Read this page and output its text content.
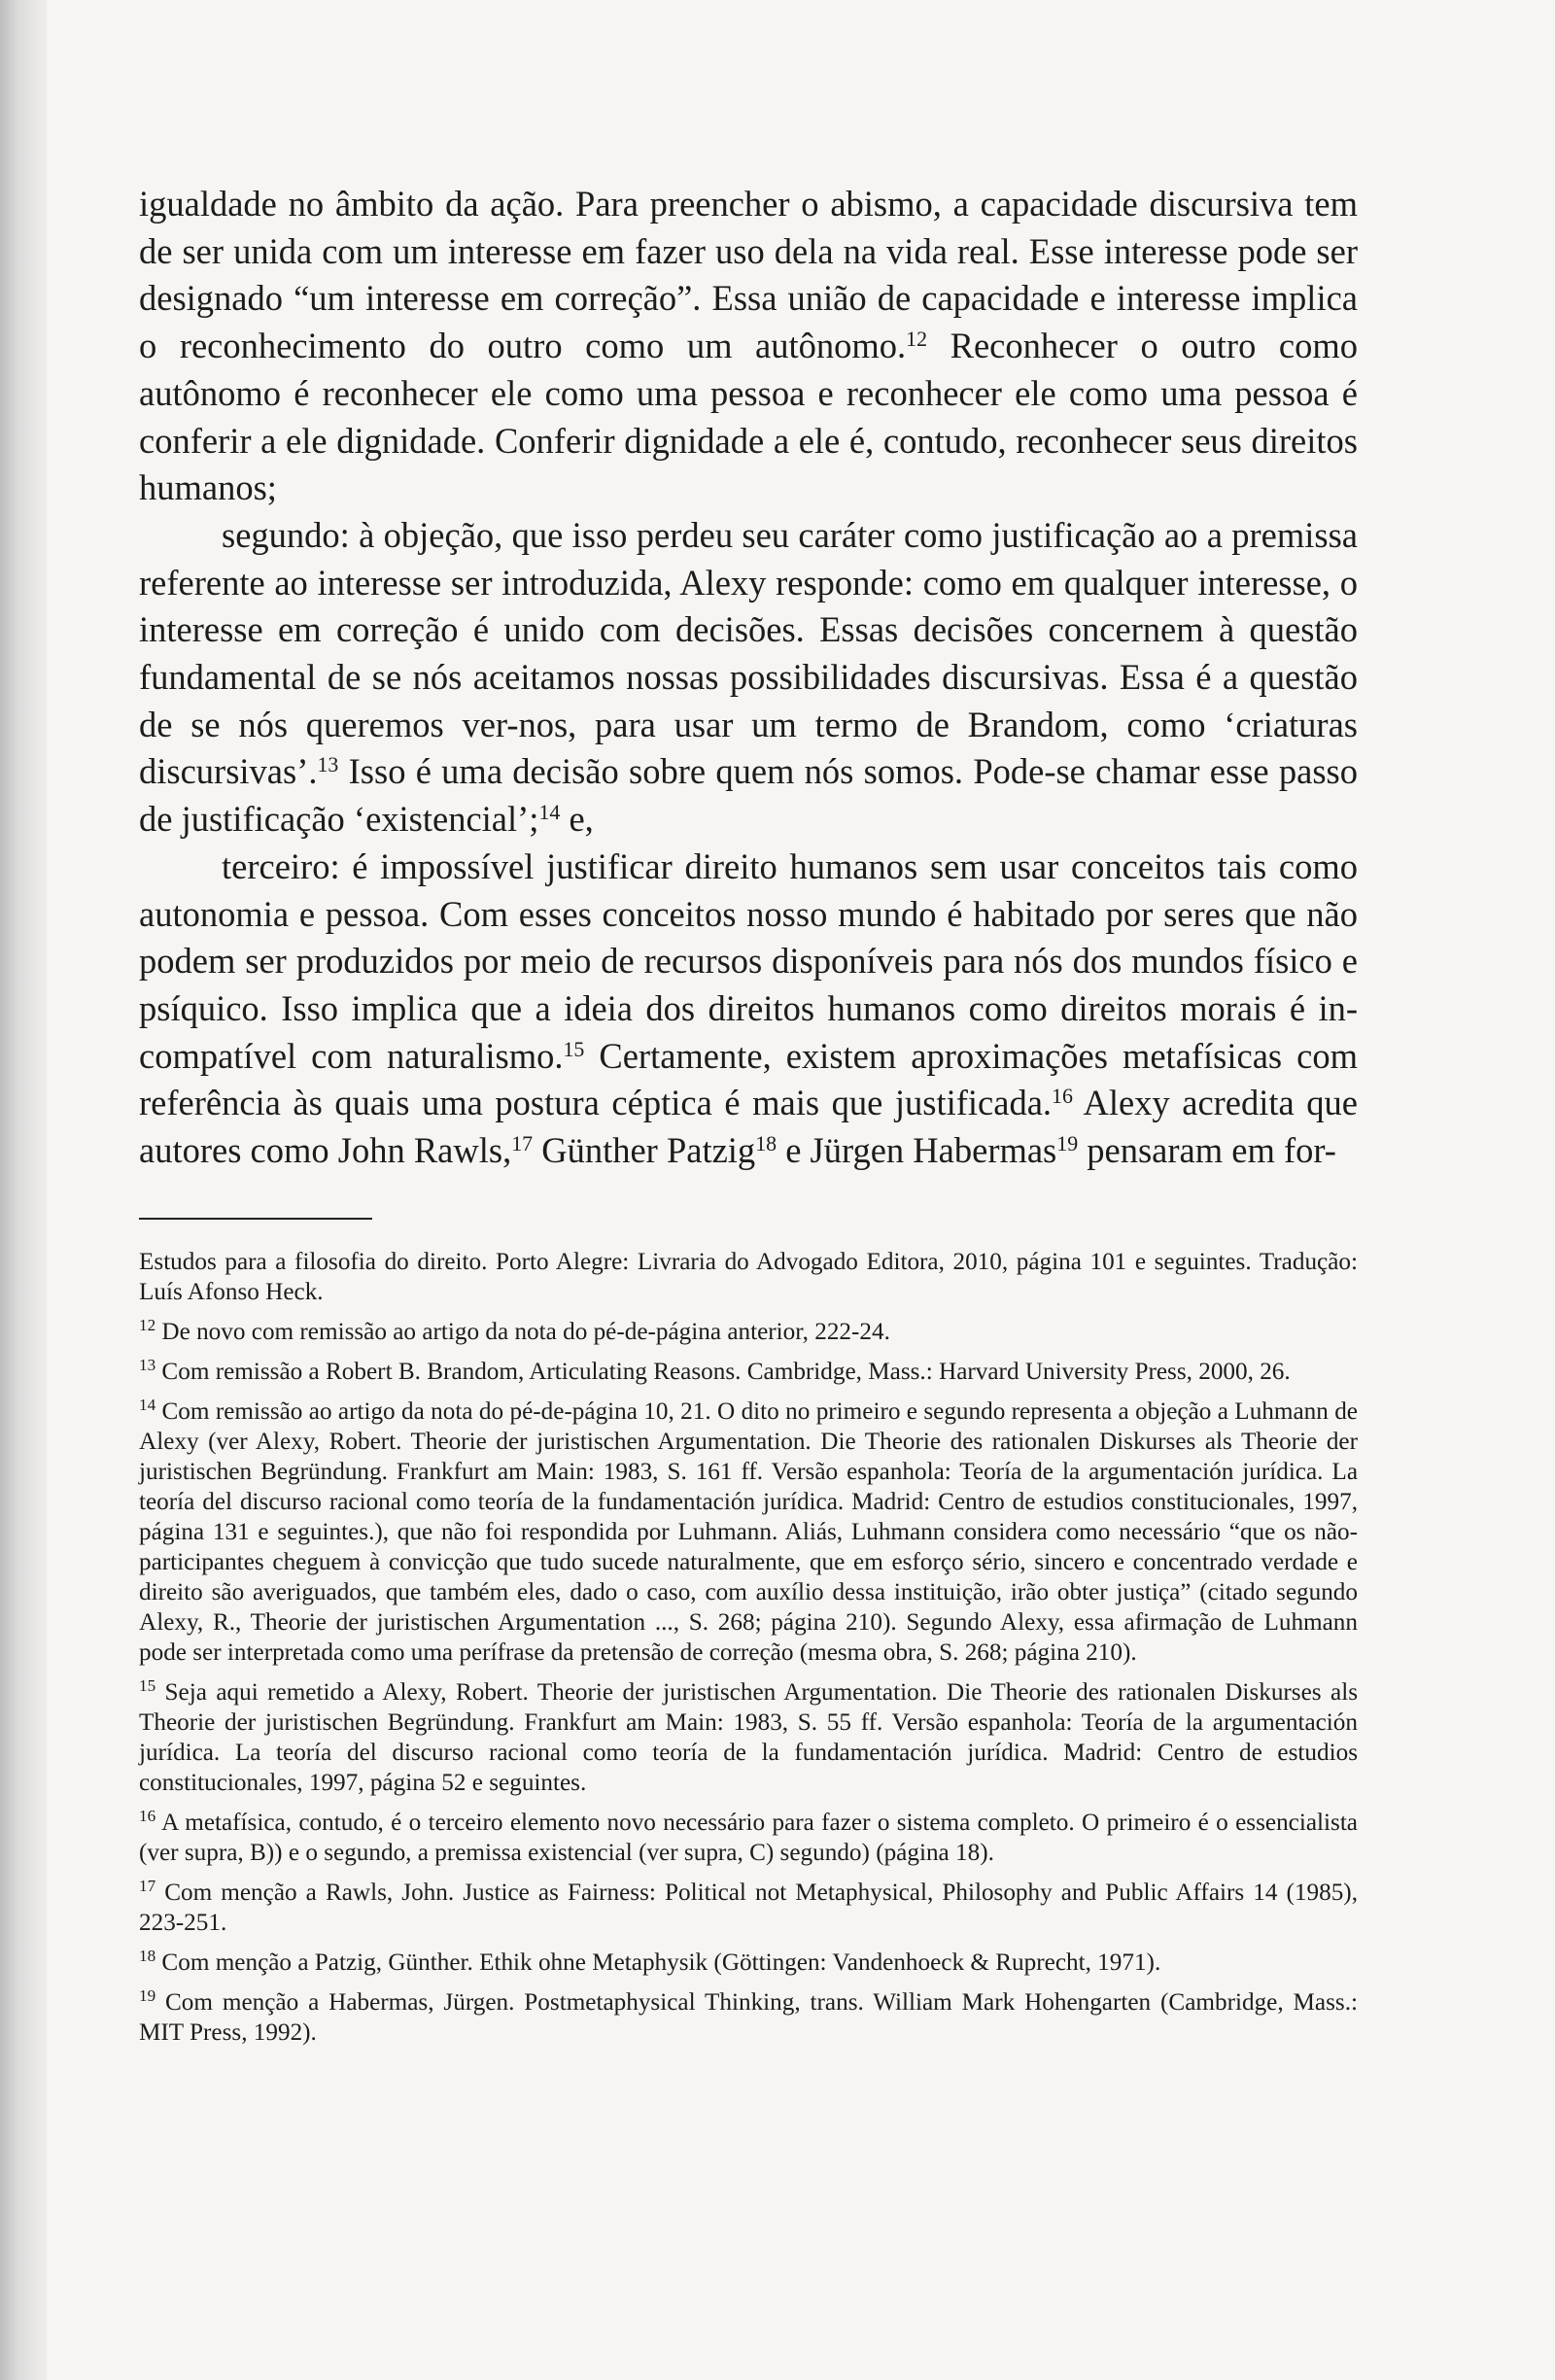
igualdade no âmbito da ação. Para preencher o abismo, a capacidade discursiva tem de ser unida com um interesse em fazer uso dela na vida real. Esse interesse pode ser designado “um interesse em correção”. Essa união de capacidade e interesse implica o reconhecimento do outro como um autônomo.$^{12}$ Reconhecer o outro como autônomo é reconhecer ele como uma pessoa e reconhecer ele como uma pessoa é conferir a ele dignidade. Conferir dignidade a ele é, contudo, reconhecer seus direitos humanos;

segundo: à objeção, que isso perdeu seu caráter como justificação ao a premissa referente ao interesse ser introduzida, Alexy responde: como em qualquer interesse, o interesse em correção é unido com decisões. Essas decisões concernem à questão fundamental de se nós aceitamos nossas possibilidades discursivas. Essa é a questão de se nós queremos ver-nos, para usar um termo de Brandom, como ‘criaturas discursivas’.$^{13}$ Isso é uma decisão sobre quem nós somos. Pode-se chamar esse passo de justificação ‘existencial’;$^{14}$ e,

terceiro: é impossível justificar direito humanos sem usar conceitos tais como autonomia e pessoa. Com esses conceitos nosso mundo é habitado por seres que não podem ser produzidos por meio de recursos disponíveis para nós dos mundos físico e psíquico. Isso implica que a ideia dos direitos humanos como direitos morais é incompatível com naturalismo.$^{15}$ Certamente, existem aproximações metafísicas com referência às quais uma postura céptica é mais que justificada.$^{16}$ Alexy acredita que autores como John Rawls,$^{17}$ Günther Patzig$^{18}$ e Jürgen Habermas$^{19}$ pensaram em for-

Estudos para a filosofia do direito. Porto Alegre: Livraria do Advogado Editora, 2010, página 101 e seguintes. Tradução: Luís Afonso Heck.

$^{12}$ De novo com remissão ao artigo da nota do pé-de-página anterior, 222-24.

$^{13}$ Com remissão a Robert B. Brandom, Articulating Reasons. Cambridge, Mass.: Harvard University Press, 2000, 26.

$^{14}$ Com remissão ao artigo da nota do pé-de-página 10, 21. O dito no primeiro e segundo representa a objeção a Luhmann de Alexy (ver Alexy, Robert. Theorie der juristischen Argumentation. Die Theorie des rationalen Diskurses als Theorie der juristischen Begründung. Frankfurt am Main: 1983, S. 161 ff. Versão espanhola: Teoría de la argumentación jurídica. La teoría del discurso racional como teoría de la fundamentación jurídica. Madrid: Centro de estudios constitucionales, 1997, página 131 e seguintes.), que não foi respondida por Luhmann. Aliás, Luhmann considera como necessário “que os não-participantes cheguem à convicção que tudo sucede naturalmente, que em esforço sério, sincero e concentrado verdade e direito são averiguados, que também eles, dado o caso, com auxílio dessa instituição, irão obter justiça” (citado segundo Alexy, R., Theorie der juristischen Argumentation ..., S. 268; página 210). Segundo Alexy, essa afirmação de Luhmann pode ser interpretada como uma perífrase da pretensão de correção (mesma obra, S. 268; página 210).

$^{15}$ Seja aqui remetido a Alexy, Robert. Theorie der juristischen Argumentation. Die Theorie des rationalen Diskurses als Theorie der juristischen Begründung. Frankfurt am Main: 1983, S. 55 ff. Versão espanhola: Teoría de la argumentación jurídica. La teoría del discurso racional como teoría de la fundamentación jurídica. Madrid: Centro de estudios constitucionales, 1997, página 52 e seguintes.

$^{16}$ A metafísica, contudo, é o terceiro elemento novo necessário para fazer o sistema completo. O primeiro é o essencialista (ver supra, B)) e o segundo, a premissa existencial (ver supra, C) segundo) (página 18).

$^{17}$ Com menção a Rawls, John. Justice as Fairness: Political not Metaphysical, Philosophy and Public Affairs 14 (1985), 223-251.

$^{18}$ Com menção a Patzig, Günther. Ethik ohne Metaphysik (Göttingen: Vandenhoeck & Ruprecht, 1971).

$^{19}$ Com menção a Habermas, Jürgen. Postmetaphysical Thinking, trans. William Mark Hohengarten (Cambridge, Mass.: MIT Press, 1992).
